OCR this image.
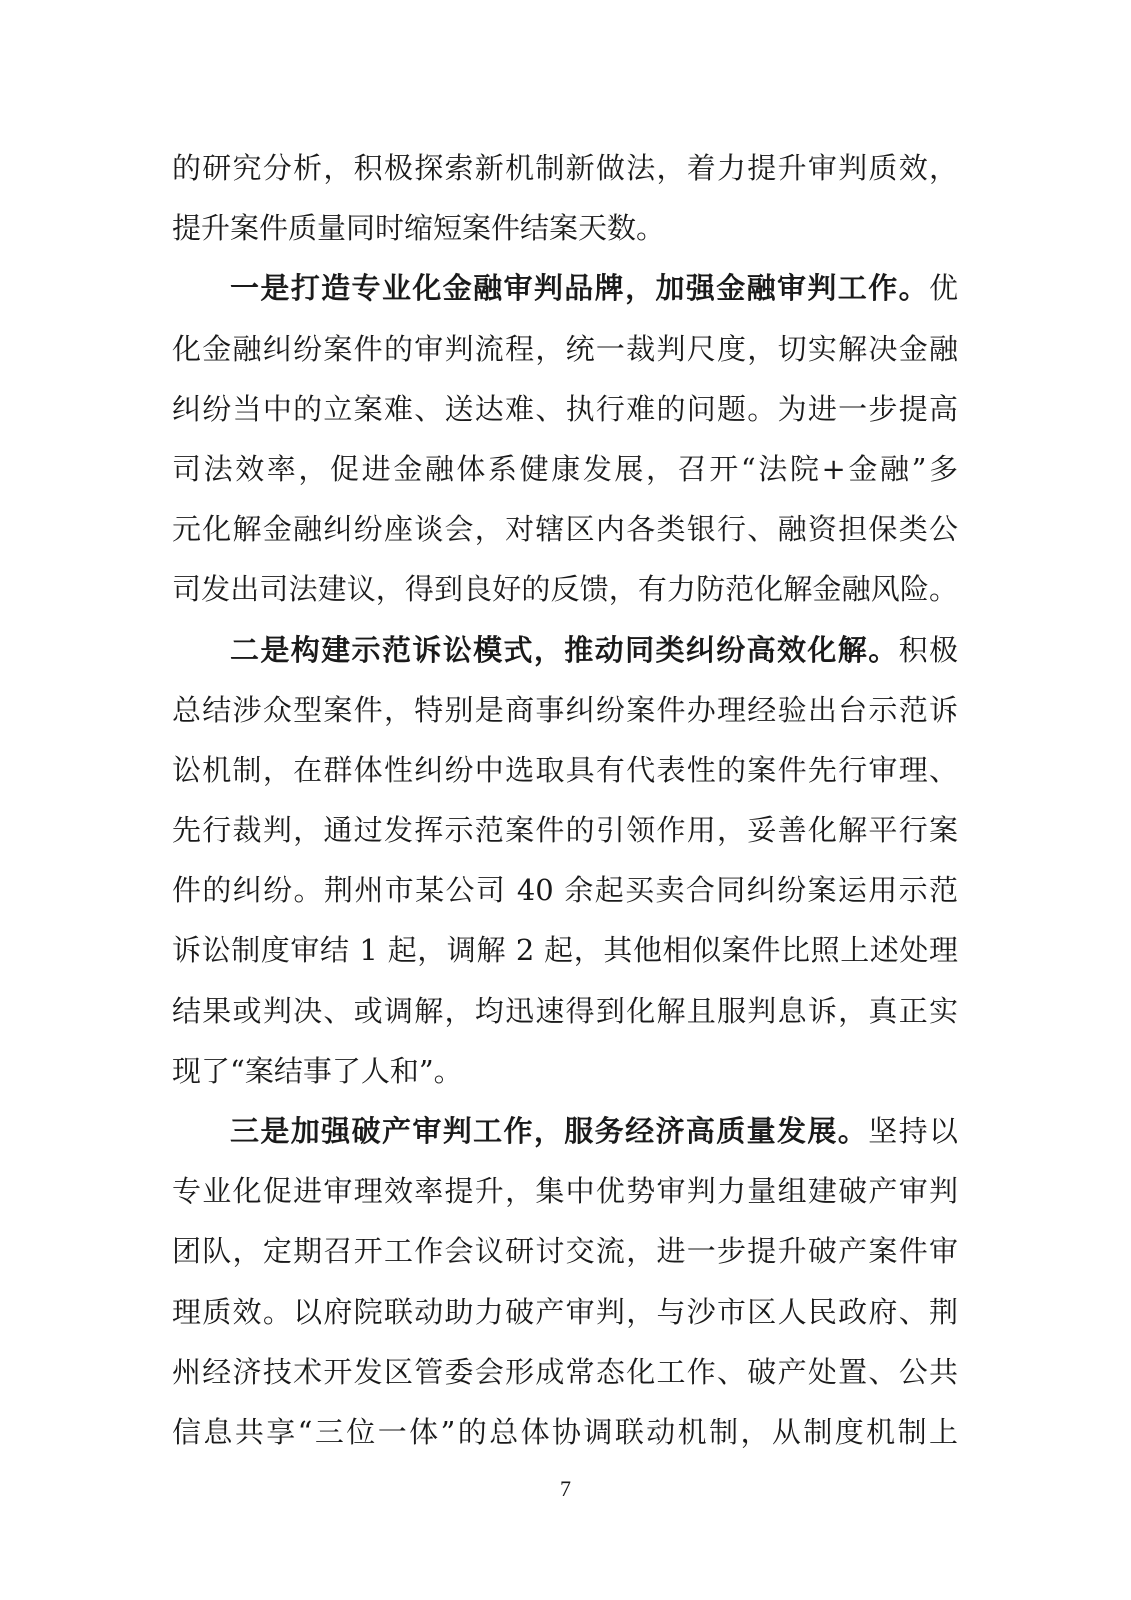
的研究分析，积极探索新机制新做法，着力提升审判质效，
提升案件质量同时缩短案件结案天数。
一是打造专业化金融审判品牌，加强金融审判工作。优
化金融纠纷案件的审判流程，统一裁判尺度，切实解决金融
纠纷当中的立案难、送达难、执行难的问题。为进一步提高
司法效率，促进金融体系健康发展，召开“法院+金融”多
元化解金融纠纷座谈会，对辖区内各类银行、融资担保类公
司发出司法建议，得到良好的反馈，有力防范化解金融风险。
二是构建示范诉讼模式，推动同类纠纷高效化解。积极
总结涉众型案件，特别是商事纠纷案件办理经验出台示范诉
讼机制，在群体性纠纷中选取具有代表性的案件先行审理、
先行裁判，通过发挥示范案件的引领作用，妥善化解平行案
件的纠纷。荆州市某公司 40 余起买卖合同纠纷案运用示范
诉讼制度审结 1 起，调解 2 起，其他相似案件比照上述处理
结果或判决、或调解，均迅速得到化解且服判息诉，真正实
现了“案结事了人和”。
三是加强破产审判工作，服务经济高质量发展。坚持以
专业化促进审理效率提升，集中优势审判力量组建破产审判
团队，定期召开工作会议研讨交流，进一步提升破产案件审
理质效。以府院联动助力破产审判，与沙市区人民政府、荆
州经济技术开发区管委会形成常态化工作、破产处置、公共
信息共享“三位一体”的总体协调联动机制，从制度机制上
7
